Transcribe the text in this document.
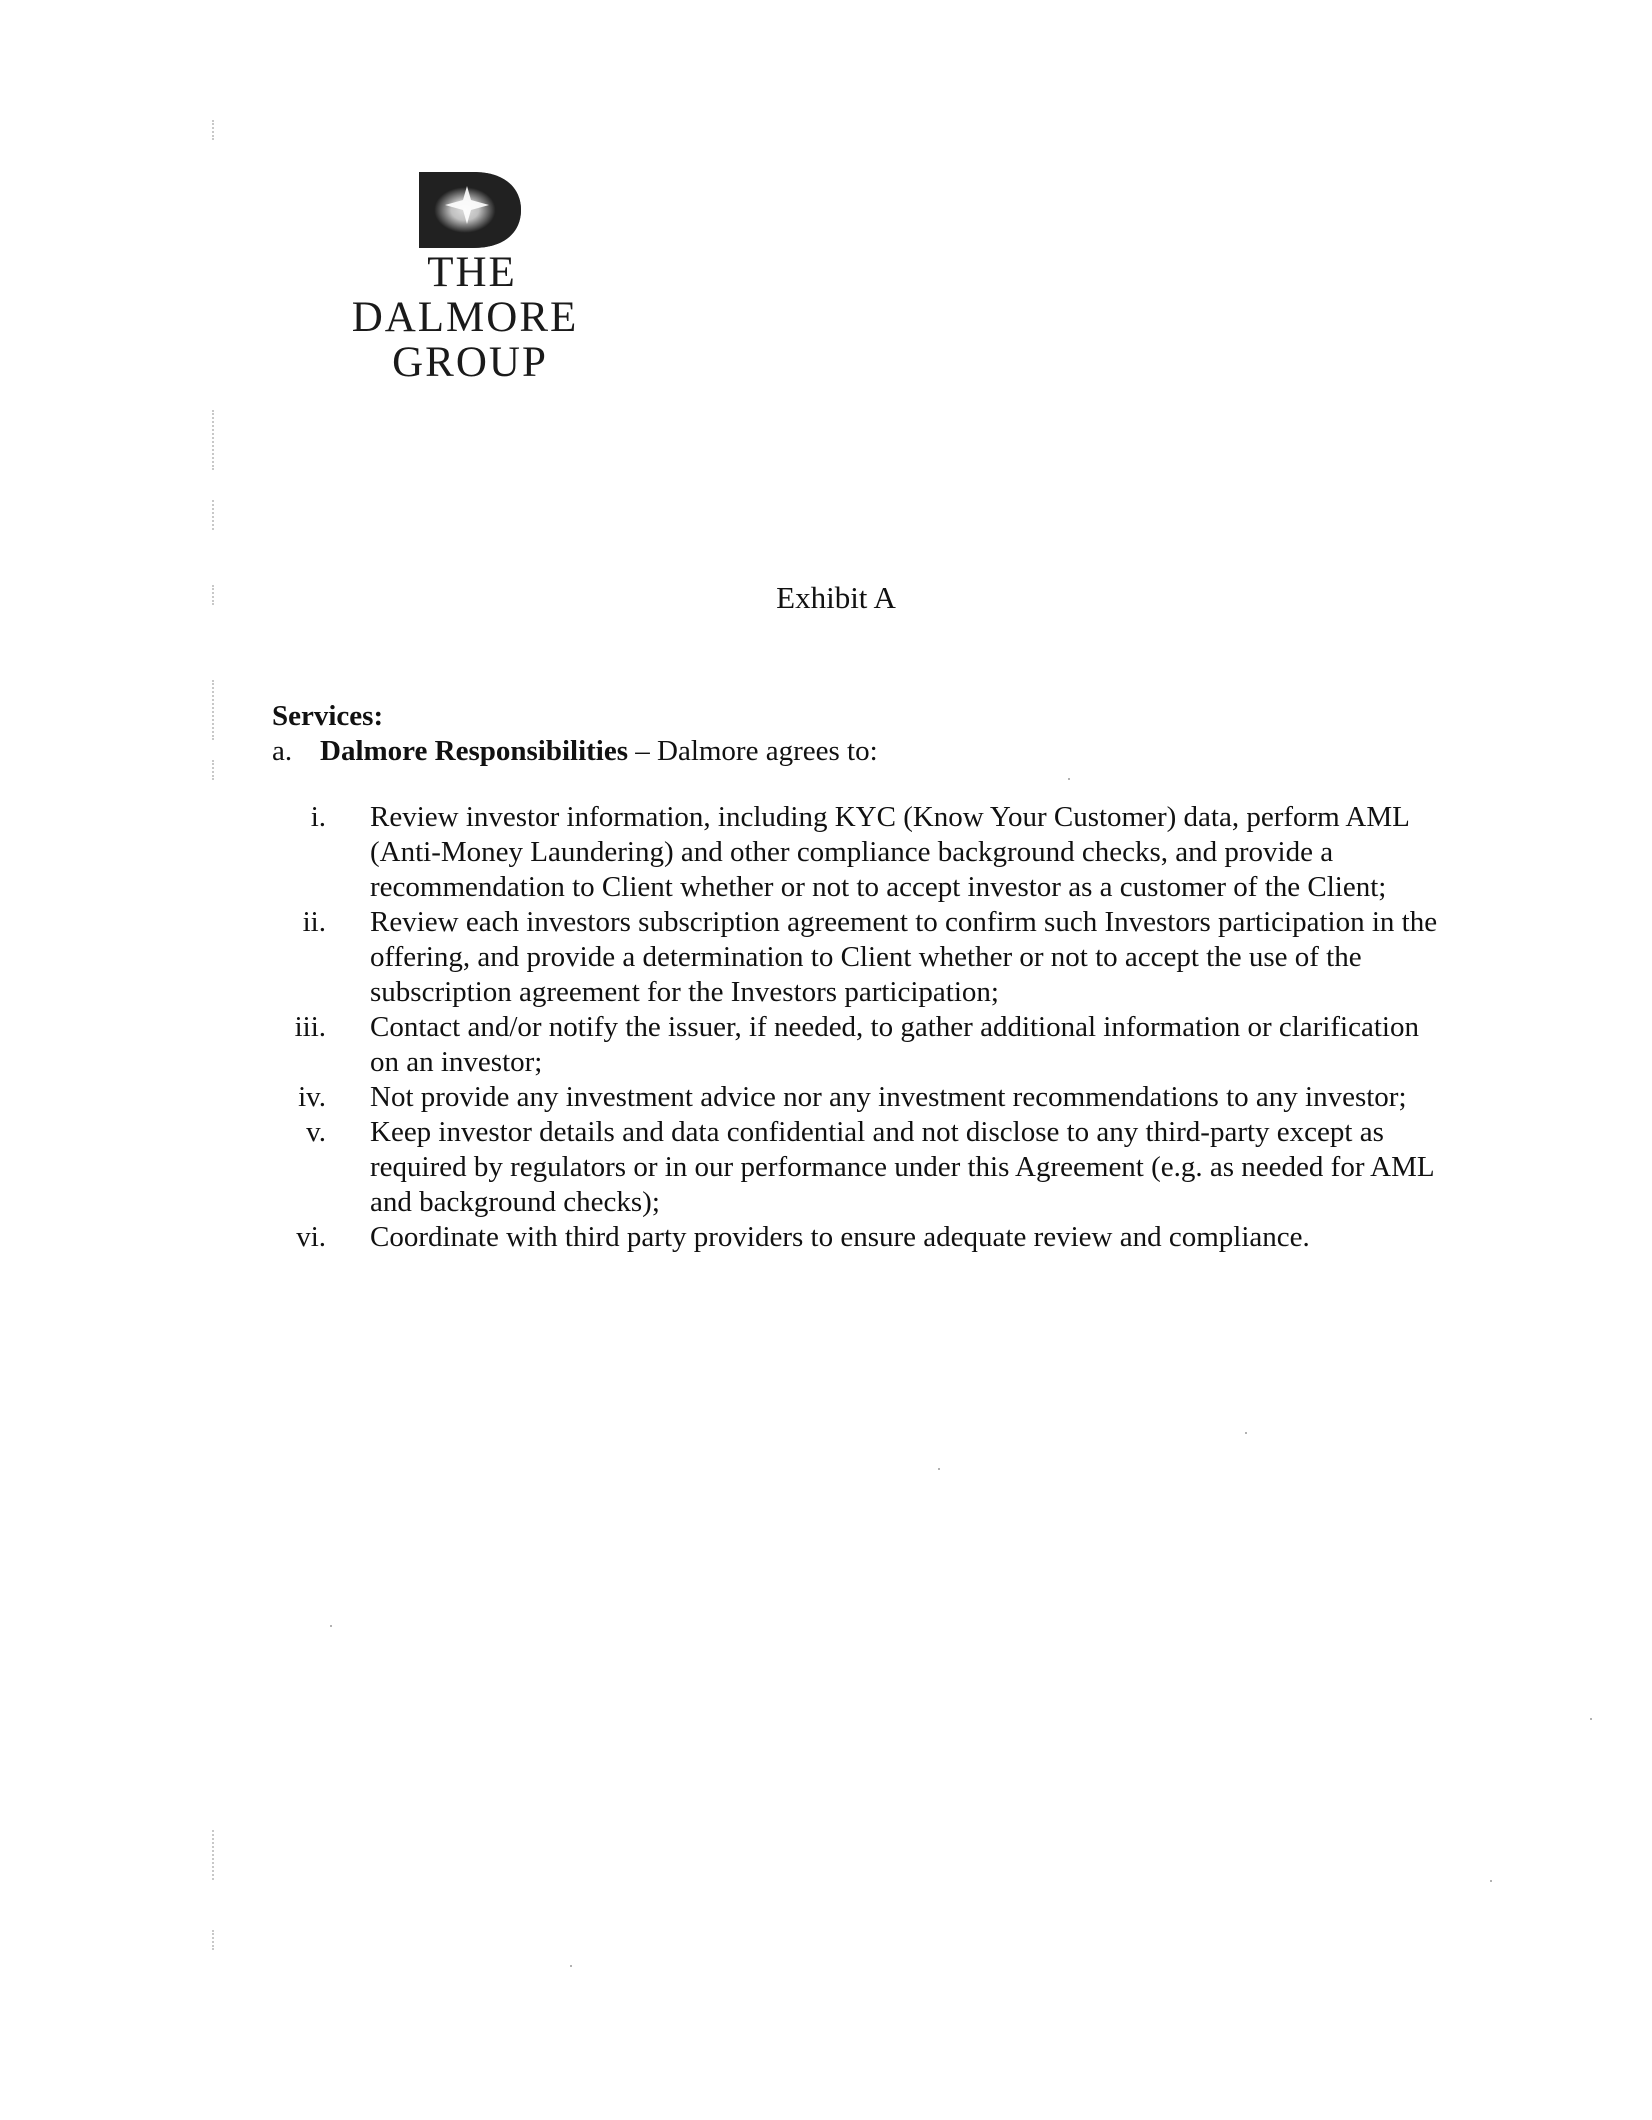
THE
DALMORE
GROUP
Exhibit A
Services:
a. Dalmore Responsibilities – Dalmore agrees to:
i. Review investor information, including KYC (Know Your Customer) data, perform AML (Anti-Money Laundering) and other compliance background checks, and provide a recommendation to Client whether or not to accept investor as a customer of the Client;
ii. Review each investors subscription agreement to confirm such Investors participation in the offering, and provide a determination to Client whether or not to accept the use of the subscription agreement for the Investors participation;
iii. Contact and/or notify the issuer, if needed, to gather additional information or clarification on an investor;
iv. Not provide any investment advice nor any investment recommendations to any investor;
v. Keep investor details and data confidential and not disclose to any third-party except as required by regulators or in our performance under this Agreement (e.g. as needed for AML and background checks);
vi. Coordinate with third party providers to ensure adequate review and compliance.
